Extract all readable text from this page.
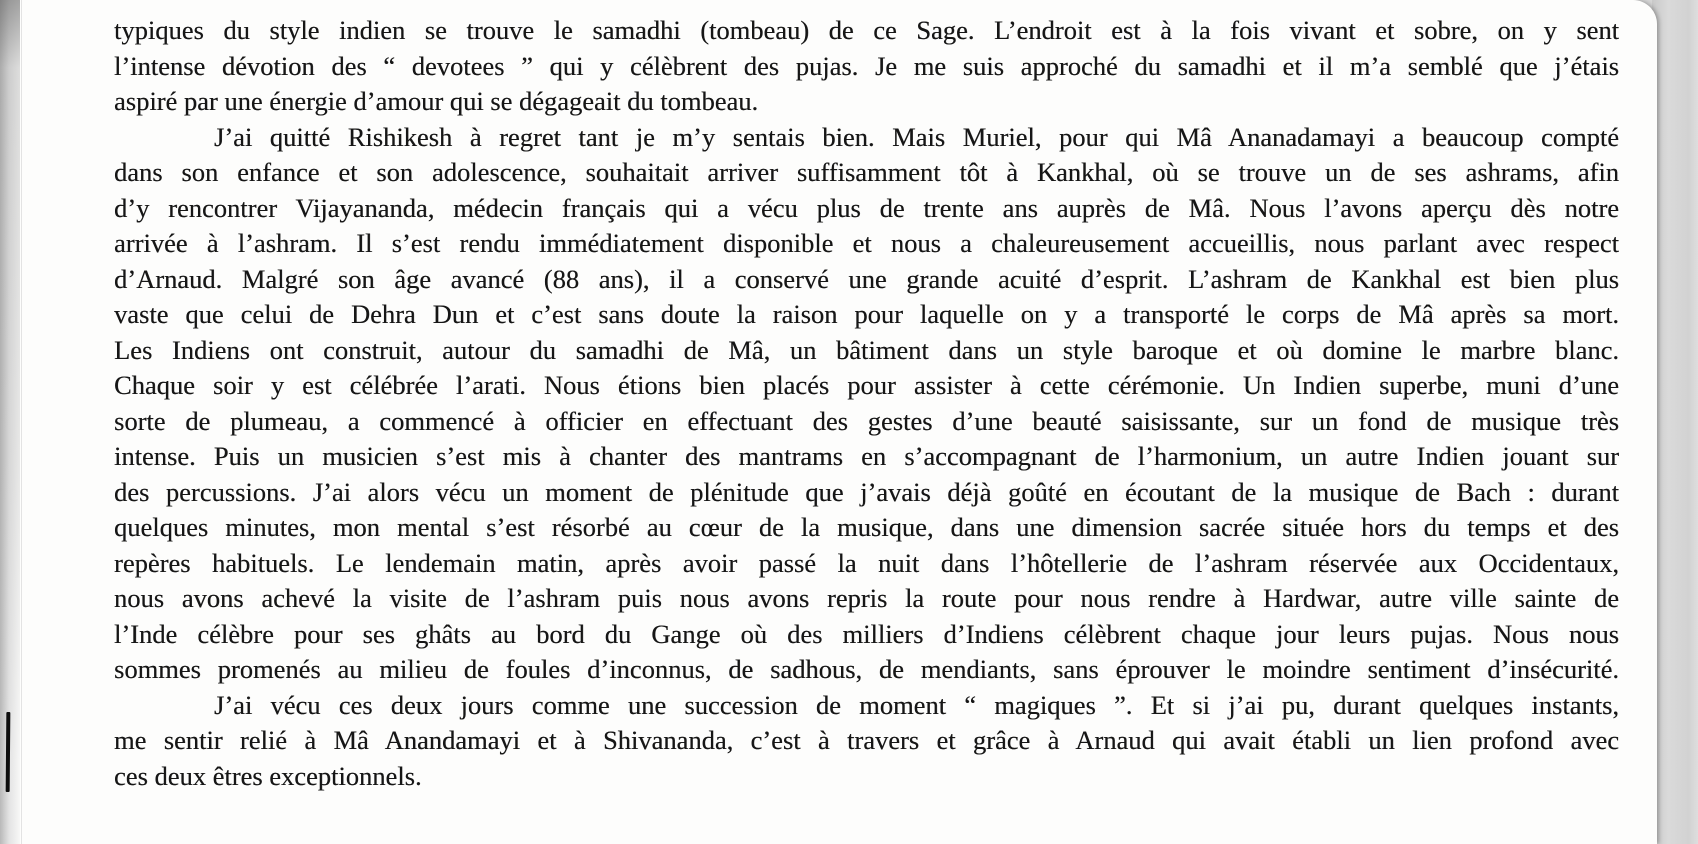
typiques du style indien se trouve le samadhi (tombeau) de ce Sage. L’endroit est à la fois vivant et sobre, on y sent
l’intense dévotion des “ devotees ” qui y célèbrent des pujas. Je me suis approché du samadhi et il m’a semblé que j’étais
aspiré par une énergie d’amour qui se dégageait du tombeau.
J’ai quitté Rishikesh à regret tant je m’y sentais bien. Mais Muriel, pour qui Mâ Ananadamayi a beaucoup compté
dans son enfance et son adolescence, souhaitait arriver suffisamment tôt à Kankhal, où se trouve un de ses ashrams, afin
d’y rencontrer Vijayananda, médecin français qui a vécu plus de trente ans auprès de Mâ. Nous l’avons aperçu dès notre
arrivée à l’ashram. Il s’est rendu immédiatement disponible et nous a chaleureusement accueillis, nous parlant avec respect
d’Arnaud. Malgré son âge avancé (88 ans), il a conservé une grande acuité d’esprit. L’ashram de Kankhal est bien plus
vaste que celui de Dehra Dun et c’est sans doute la raison pour laquelle on y a transporté le corps de Mâ après sa mort.
Les Indiens ont construit, autour du samadhi de Mâ, un bâtiment dans un style baroque et où domine le marbre blanc.
Chaque soir y est célébrée l’arati. Nous étions bien placés pour assister à cette cérémonie. Un Indien superbe, muni d’une
sorte de plumeau, a commencé à officier en effectuant des gestes d’une beauté saisissante, sur un fond de musique très
intense. Puis un musicien s’est mis à chanter des mantrams en s’accompagnant de l’harmonium, un autre Indien jouant sur
des percussions. J’ai alors vécu un moment de plénitude que j’avais déjà goûté en écoutant de la musique de Bach : durant
quelques minutes, mon mental s’est résorbé au cœur de la musique, dans une dimension sacrée située hors du temps et des
repères habituels. Le lendemain matin, après avoir passé la nuit dans l’hôtellerie de l’ashram réservée aux Occidentaux,
nous avons achevé la visite de l’ashram puis nous avons repris la route pour nous rendre à Hardwar, autre ville sainte de
l’Inde célèbre pour ses ghâts au bord du Gange où des milliers d’Indiens célèbrent chaque jour leurs pujas. Nous nous
sommes promenés au milieu de foules d’inconnus, de sadhous, de mendiants, sans éprouver le moindre sentiment d’insécurité.
J’ai vécu ces deux jours comme une succession de moment “ magiques ”. Et si j’ai pu, durant quelques instants,
me sentir relié à Mâ Anandamayi et à Shivananda, c’est à travers et grâce à Arnaud qui avait établi un lien profond avec
ces deux êtres exceptionnels.
